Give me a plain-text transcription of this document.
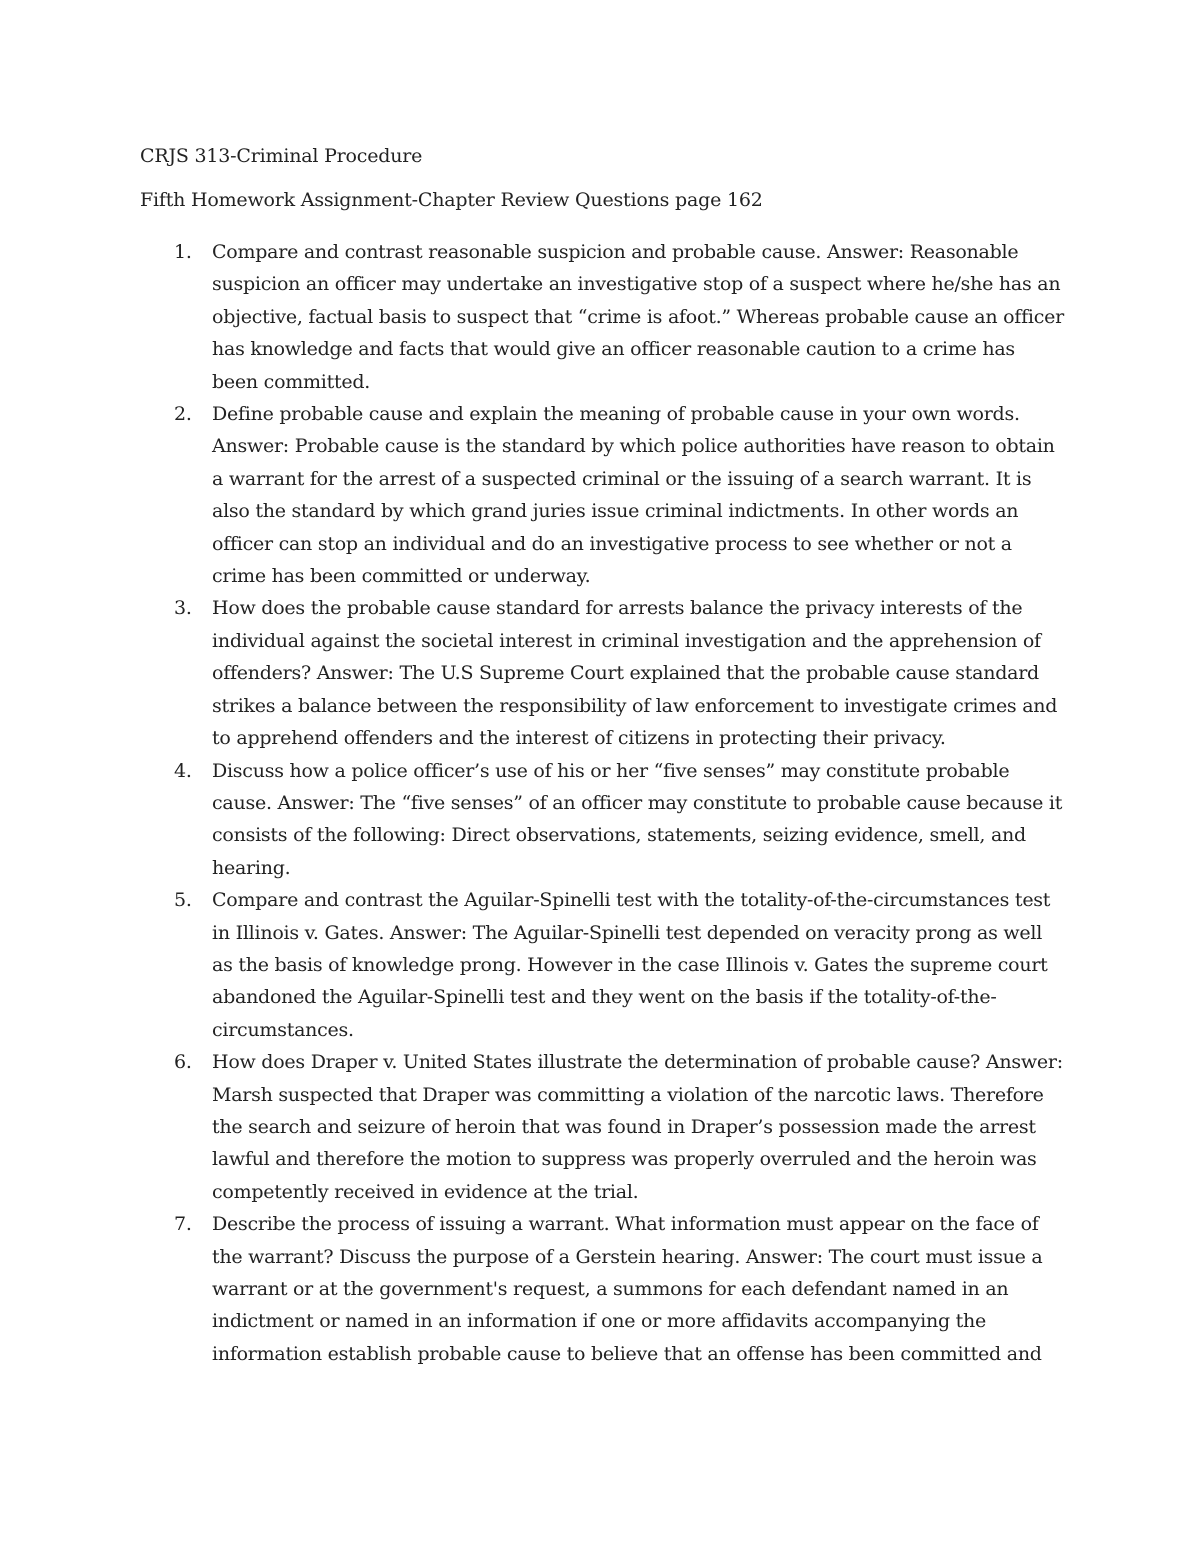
CRJS 313-Criminal Procedure

Fifth Homework Assignment-Chapter Review Questions page 162

1. Compare and contrast reasonable suspicion and probable cause. Answer: Reasonable suspicion an officer may undertake an investigative stop of a suspect where he/she has an objective, factual basis to suspect that “crime is afoot.” Whereas probable cause an officer has knowledge and facts that would give an officer reasonable caution to a crime has been committed.
2. Define probable cause and explain the meaning of probable cause in your own words. Answer: Probable cause is the standard by which police authorities have reason to obtain a warrant for the arrest of a suspected criminal or the issuing of a search warrant. It is also the standard by which grand juries issue criminal indictments. In other words an officer can stop an individual and do an investigative process to see whether or not a crime has been committed or underway.
3. How does the probable cause standard for arrests balance the privacy interests of the individual against the societal interest in criminal investigation and the apprehension of offenders? Answer: The U.S Supreme Court explained that the probable cause standard strikes a balance between the responsibility of law enforcement to investigate crimes and to apprehend offenders and the interest of citizens in protecting their privacy.
4. Discuss how a police officer’s use of his or her “five senses” may constitute probable cause. Answer: The “five senses” of an officer may constitute to probable cause because it consists of the following: Direct observations, statements, seizing evidence, smell, and hearing.
5. Compare and contrast the Aguilar-Spinelli test with the totality-of-the-circumstances test in Illinois v. Gates. Answer: The Aguilar-Spinelli test depended on veracity prong as well as the basis of knowledge prong. However in the case Illinois v. Gates the supreme court abandoned the Aguilar-Spinelli test and they went on the basis if the totality-of-the-circumstances.
6. How does Draper v. United States illustrate the determination of probable cause? Answer: Marsh suspected that Draper was committing a violation of the narcotic laws. Therefore the search and seizure of heroin that was found in Draper’s possession made the arrest lawful and therefore the motion to suppress was properly overruled and the heroin was competently received in evidence at the trial.
7. Describe the process of issuing a warrant. What information must appear on the face of the warrant? Discuss the purpose of a Gerstein hearing. Answer: The court must issue a warrant or at the government's request, a summons for each defendant named in an indictment or named in an information if one or more affidavits accompanying the information establish probable cause to believe that an offense has been committed and
